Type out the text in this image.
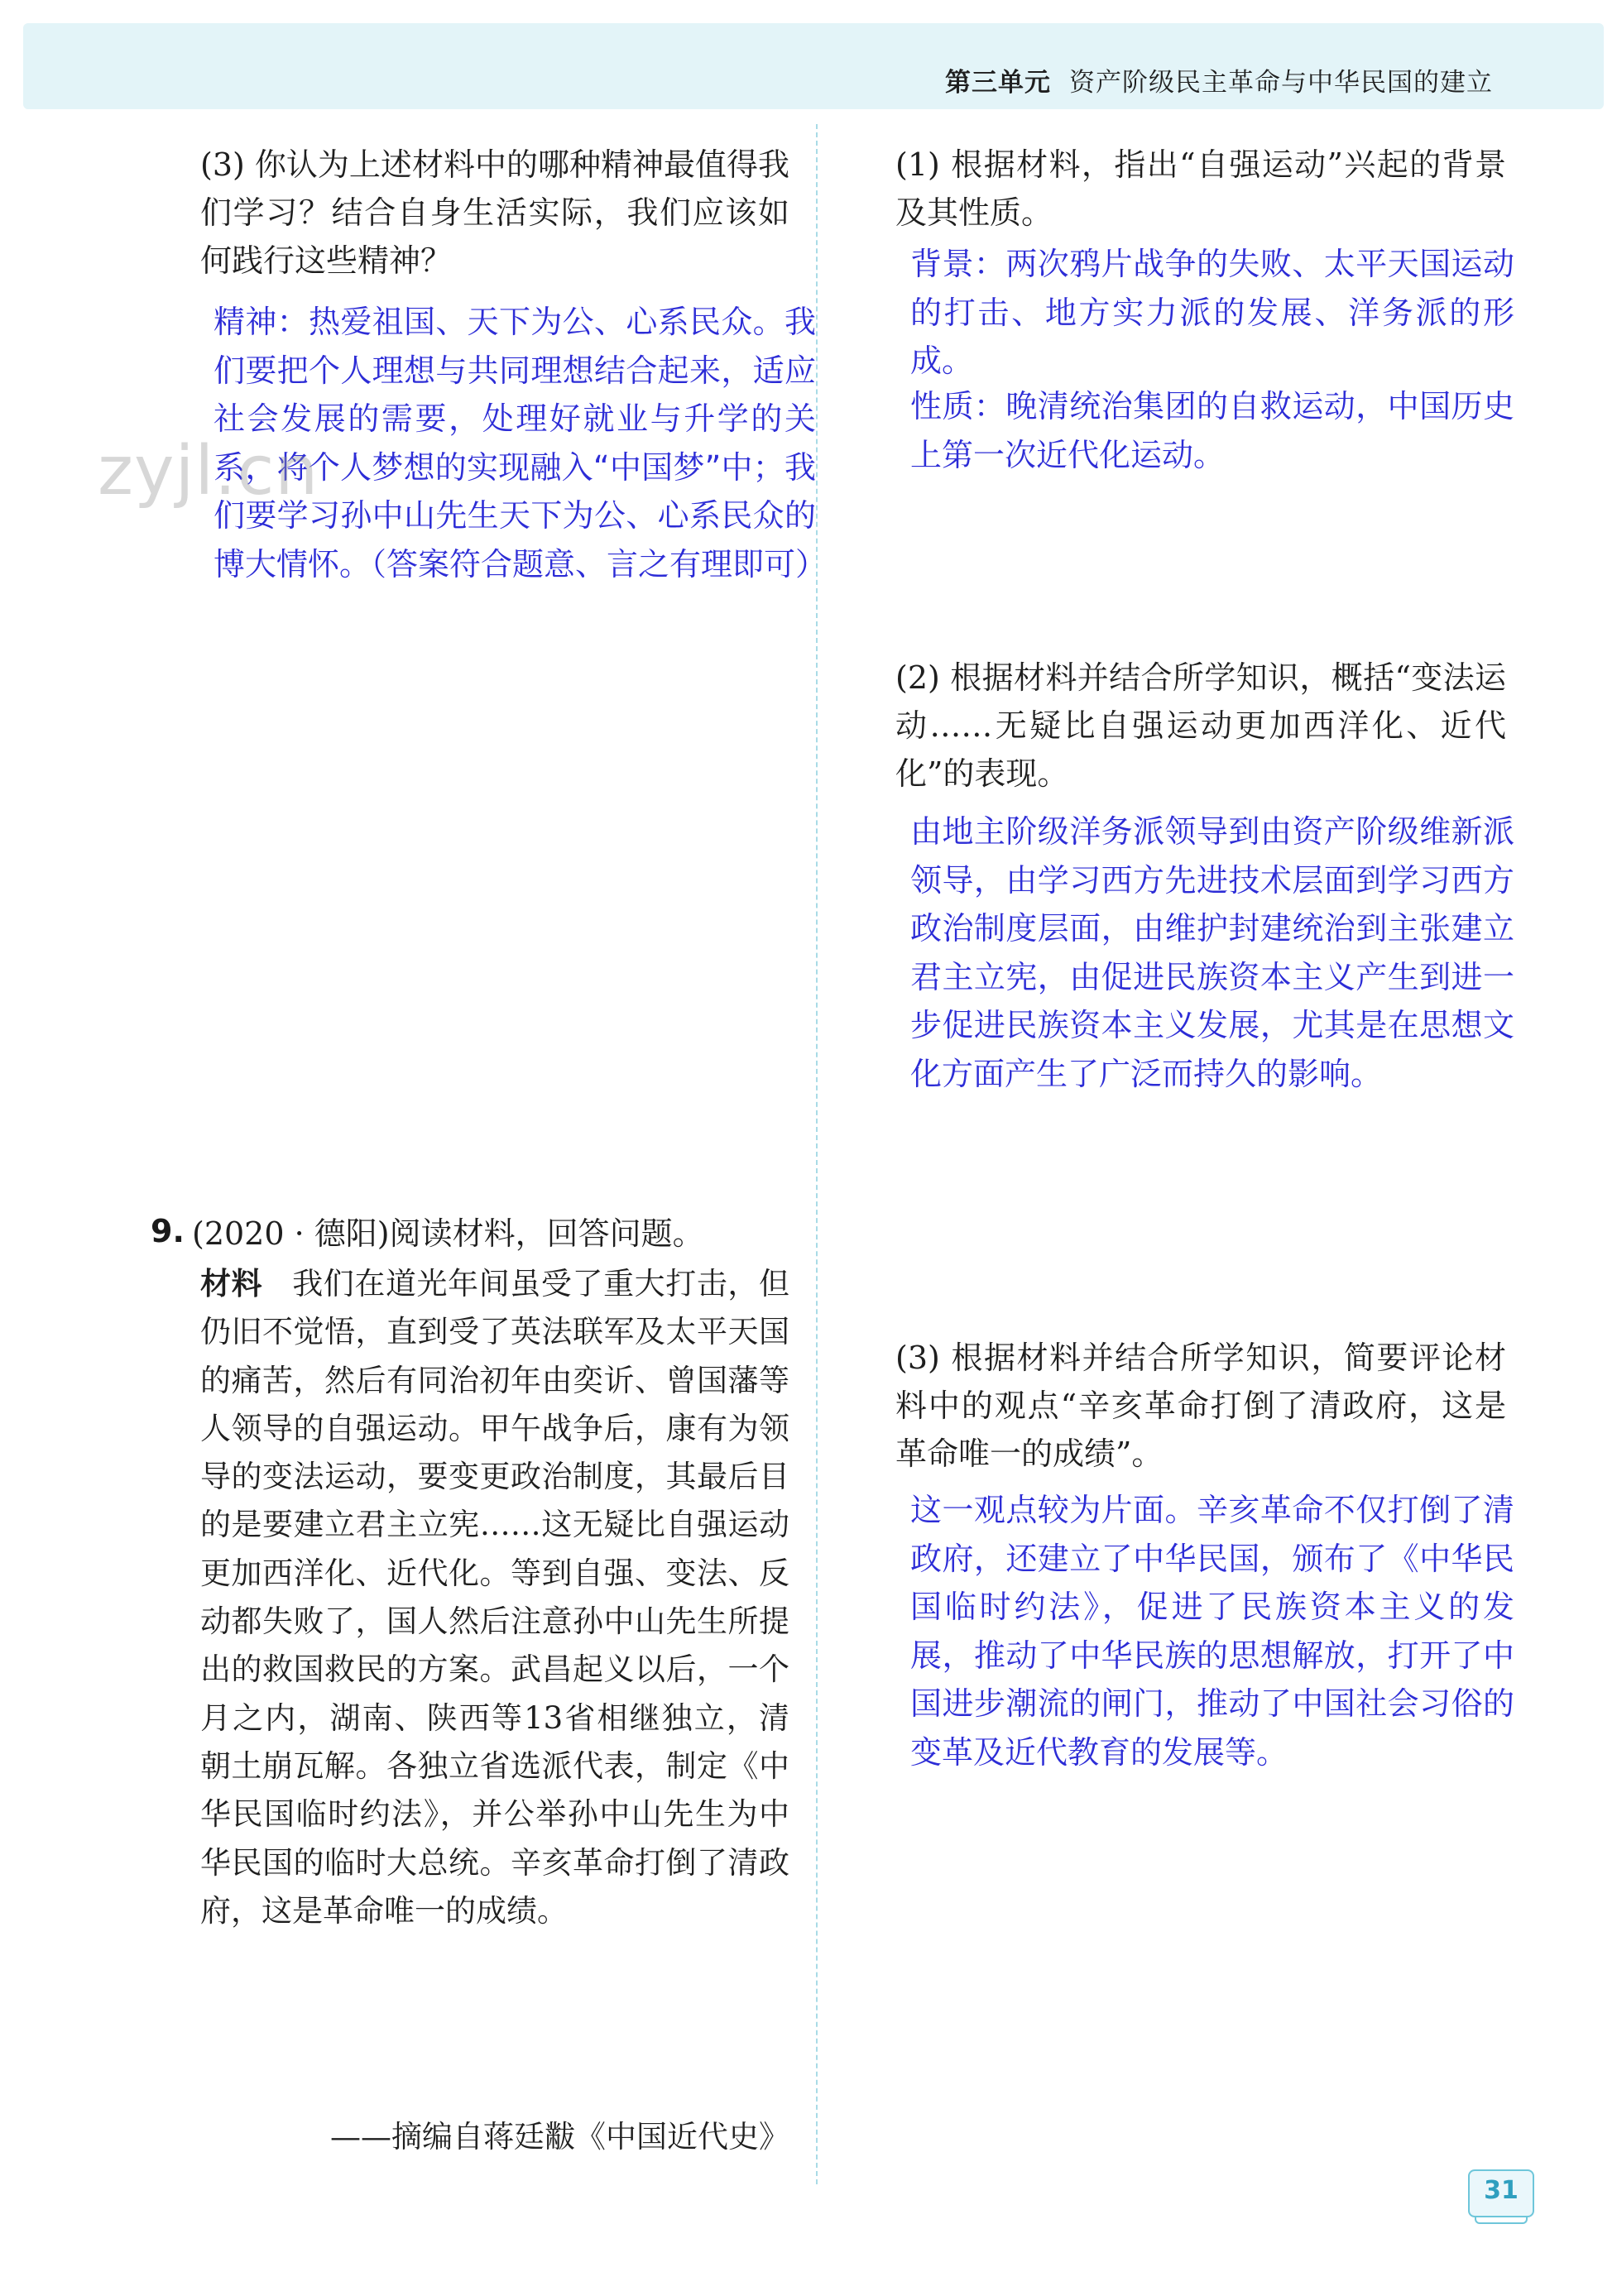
第三单元 资产阶级民主革命与中华民国的建立
(3) 你认为上述材料中的哪种精神最值得我们学习？结合自身生活实际，我们应该如何践行这些精神？
精神：热爱祖国、天下为公、心系民众。我们要把个人理想与共同理想结合起来，适应社会发展的需要，处理好就业与升学的关系，将个人梦想的实现融入“中国梦”中；我们要学习孙中山先生天下为公、心系民众的博大情怀。（答案符合题意、言之有理即可）
zyjl.cn
9. (2020 · 德阳)阅读材料，回答问题。
材料 我们在道光年间虽受了重大打击，但仍旧不觉悟，直到受了英法联军及太平天国的痛苦，然后有同治初年由奕䜣、曾国藩等人领导的自强运动。甲午战争后，康有为领导的变法运动，要变更政治制度，其最后目的是要建立君主立宪……这无疑比自强运动更加西洋化、近代化。等到自强、变法、反动都失败了，国人然后注意孙中山先生所提出的救国救民的方案。武昌起义以后，一个月之内，湖南、陕西等13省相继独立，清朝土崩瓦解。各独立省选派代表，制定《中华民国临时约法》，并公举孙中山先生为中华民国的临时大总统。辛亥革命打倒了清政府，这是革命唯一的成绩。
——摘编自蒋廷黻《中国近代史》
(1) 根据材料，指出“自强运动”兴起的背景及其性质。
背景：两次鸦片战争的失败、太平天国运动的打击、地方实力派的发展、洋务派的形成。
性质：晚清统治集团的自救运动，中国历史上第一次近代化运动。
(2) 根据材料并结合所学知识，概括“变法运动……无疑比自强运动更加西洋化、近代化”的表现。
由地主阶级洋务派领导到由资产阶级维新派领导，由学习西方先进技术层面到学习西方政治制度层面，由维护封建统治到主张建立君主立宪，由促进民族资本主义产生到进一步促进民族资本主义发展，尤其是在思想文化方面产生了广泛而持久的影响。
(3) 根据材料并结合所学知识，简要评论材料中的观点“辛亥革命打倒了清政府，这是革命唯一的成绩”。
这一观点较为片面。辛亥革命不仅打倒了清政府，还建立了中华民国，颁布了《中华民国临时约法》，促进了民族资本主义的发展，推动了中华民族的思想解放，打开了中国进步潮流的闸门，推动了中国社会习俗的变革及近代教育的发展等。
31
